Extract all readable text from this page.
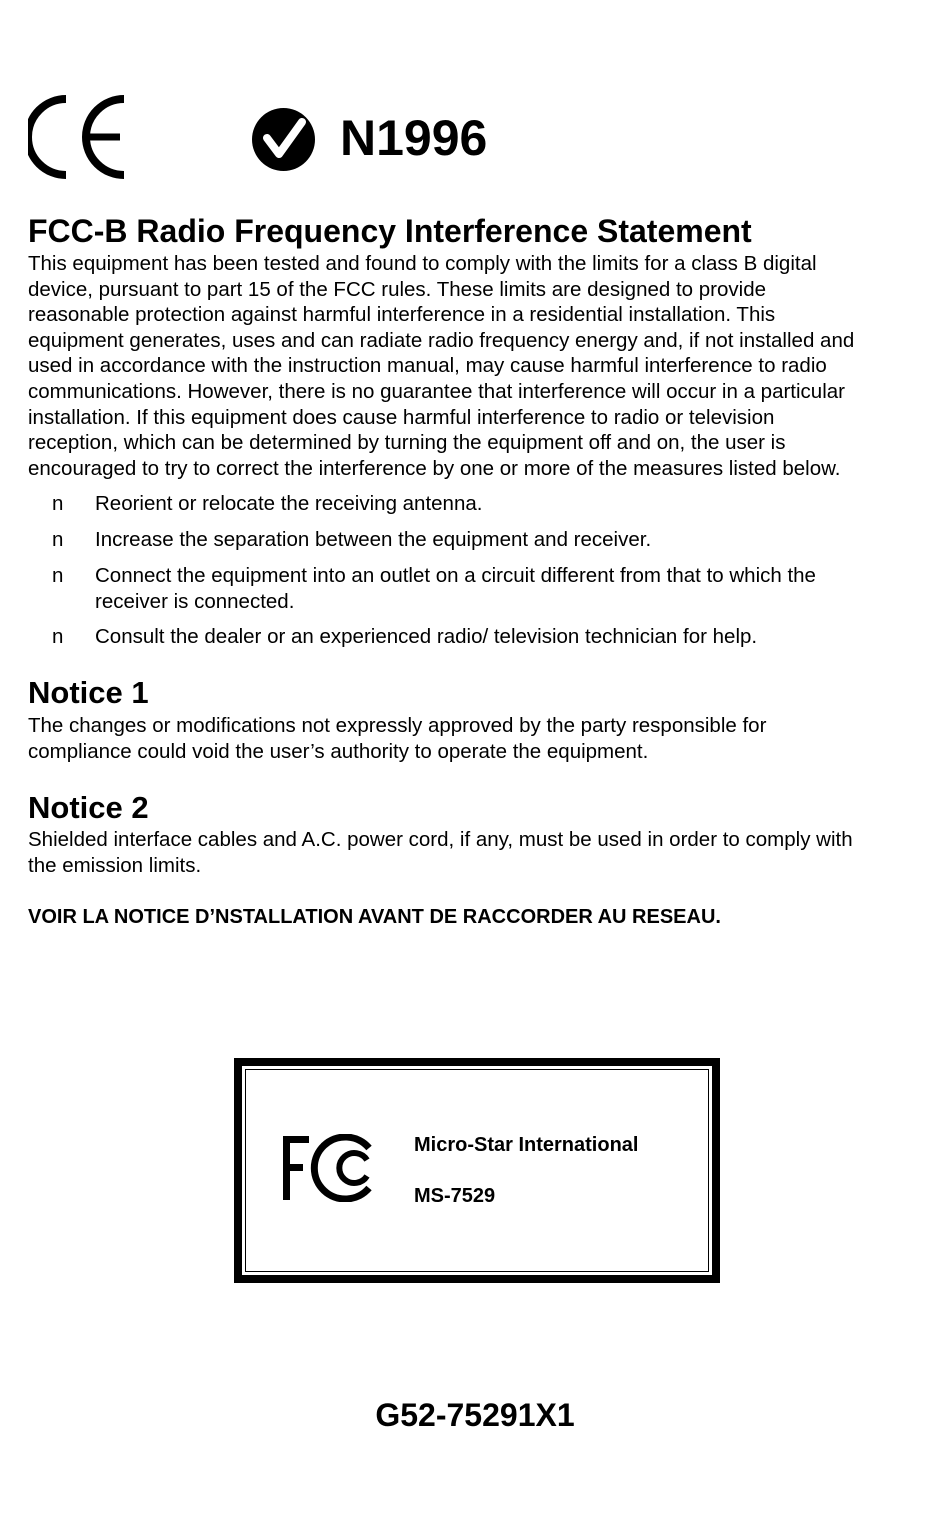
N1996
FCC-B Radio Frequency Interference Statement
This equipment has been tested and found to comply with the limits for a class B digital
device, pursuant to part 15 of the FCC rules. These limits are designed to provide
reasonable protection against harmful interference in a residential installation. This
equipment generates, uses and can radiate radio frequency energy and, if not installed and
used in accordance with the instruction manual, may cause harmful interference to radio
communications. However, there is no guarantee that interference will occur in a particular
installation. If this equipment does cause harmful interference to radio or television
reception, which can be determined by turning the equipment off and on, the user is
encouraged to try to correct the interference by one or more of the measures listed below.
n Reorient or relocate the receiving antenna.
n Increase the separation between the equipment and receiver.
n Connect the equipment into an outlet on a circuit different from that to which the
receiver is connected.
n Consult the dealer or an experienced radio/ television technician for help.
Notice 1
The changes or modifications not expressly approved by the party responsible for
compliance could void the user’s authority to operate the equipment.
Notice 2
Shielded interface cables and A.C. power cord, if any, must be used in order to comply with
the emission limits.
VOIR LA NOTICE D’NSTALLATION AVANT DE RACCORDER AU RESEAU.
Micro-Star International
MS-7529
G52-75291X1
